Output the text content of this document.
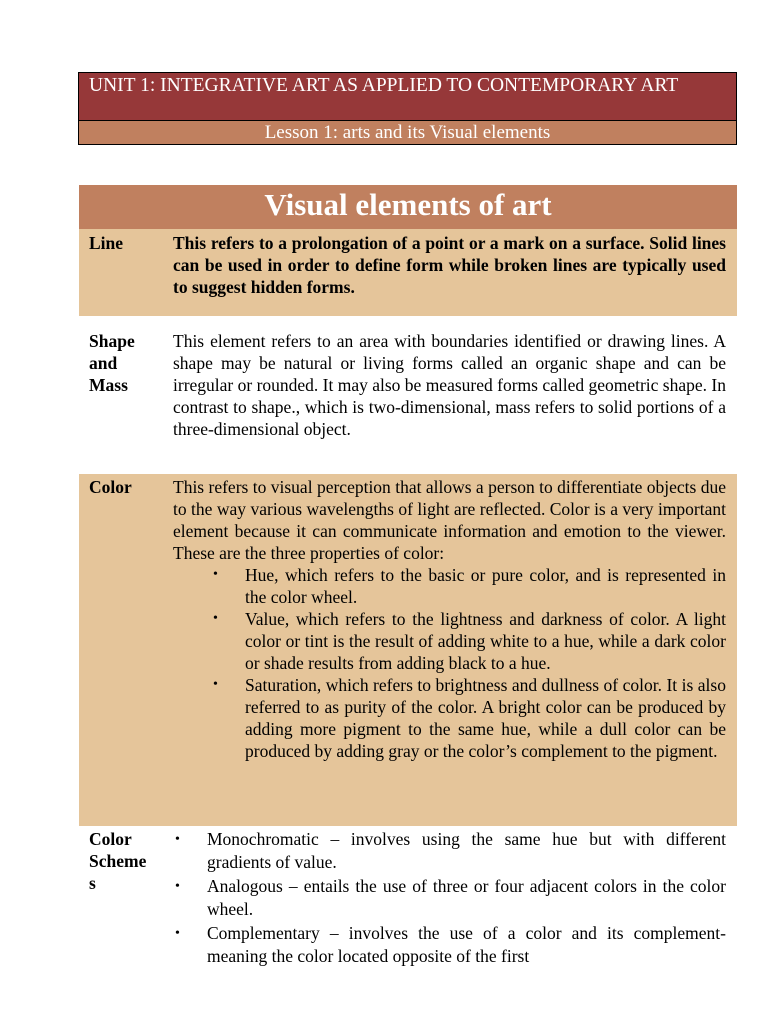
UNIT 1: INTEGRATIVE ART AS APPLIED TO CONTEMPORARY ART
Lesson 1: arts and its Visual elements
Visual elements of art
Line	This refers to a prolongation of a point or a mark on a surface. Solid lines can be used in order to define form while broken lines are typically used to suggest hidden forms.
Shape
and
Mass
This element refers to an area with boundaries identified or drawing lines. A shape may be natural or living forms called an organic shape and can be irregular or rounded. It may also be measured forms called geometric shape. In contrast to shape., which is two-dimensional, mass refers to solid portions of a three-dimensional object.
Color	This refers to visual perception that allows a person to differentiate objects due to the way various wavelengths of light are reflected. Color is a very important element because it can communicate information and emotion to the viewer. These are the three properties of color:
• Hue, which refers to the basic or pure color, and is represented in the color wheel.
• Value, which refers to the lightness and darkness of color. A light color or tint is the result of adding white to a hue, while a dark color or shade results from adding black to a hue.
• Saturation, which refers to brightness and dullness of color. It is also referred to as purity of the color. A bright color can be produced by adding more pigment to the same hue, while a dull color can be produced by adding gray or the color’s complement to the pigment.
Color
Scheme
s
• Monochromatic – involves using the same hue but with different gradients of value.
• Analogous – entails the use of three or four adjacent colors in the color wheel.
• Complementary – involves the use of a color and its complement-meaning the color located opposite of the first
